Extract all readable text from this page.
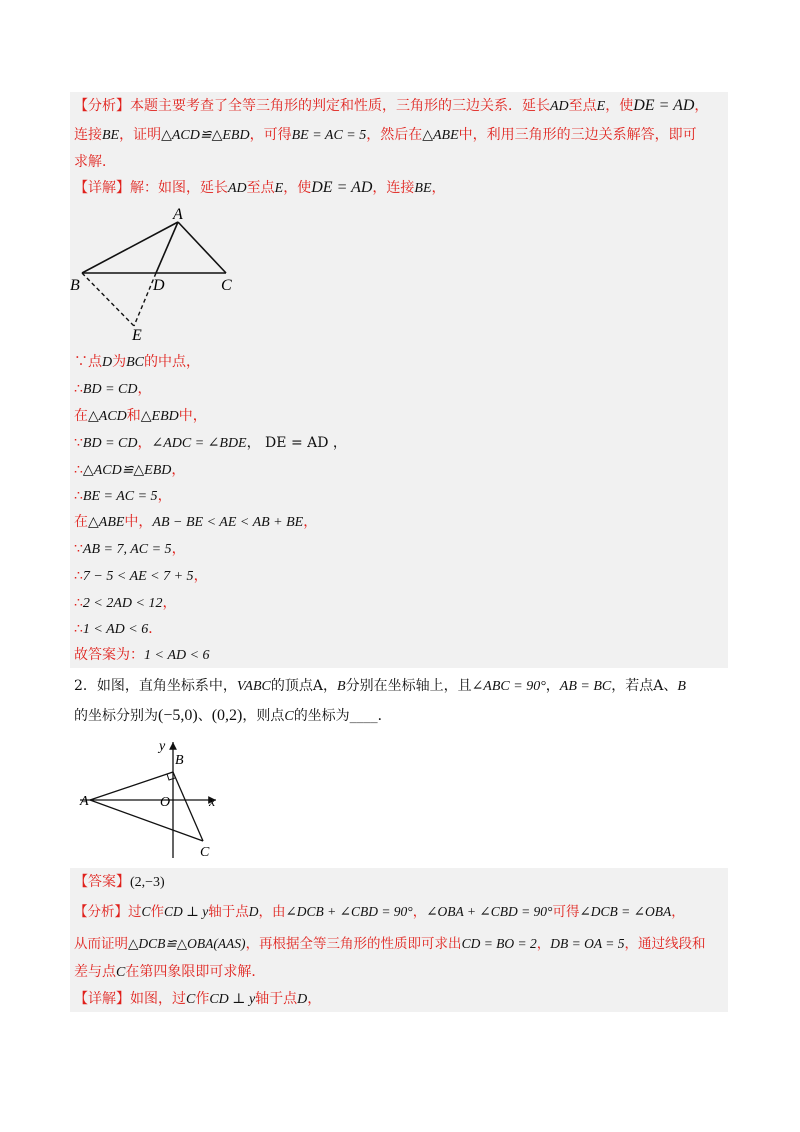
【分析】本题主要考查了全等三角形的判定和性质，三角形的三边关系．延长AD至点E，使DE = AD，
连接BE，证明△ACD≌△EBD，可得BE = AC = 5，然后在△ABE中，利用三角形的三边关系解答，即可
求解．
【详解】解：如图，延长AD至点E，使DE = AD，连接BE，
A
B	D	C
E
∵点D为BC的中点，
∴BD = CD，
在△ACD和△EBD中，
∵BD = CD，∠ADC = ∠BDE， DE = AD ，
∴△ACD≌△EBD，
∴BE = AC = 5，
在△ABE中，AB − BE < AE < AB + BE，
∵AB = 7, AC = 5，
∴7 − 5 < AE < 7 + 5，
∴2 < 2AD < 12，
∴1 < AD < 6．
故答案为：1 < AD < 6
2．如图，直角坐标系中，VABC的顶点A，B分别在坐标轴上，且∠ABC = 90°，AB = BC，若点A、B
的坐标分别为(−5,0)、(0,2)，则点C的坐标为____．
y
x
B
A	O
C
【答案】(2,−3)
【分析】过C作CD ⊥ y轴于点D，由∠DCB + ∠CBD = 90°，∠OBA + ∠CBD = 90°可得∠DCB = ∠OBA，
从而证明△DCB≌△OBA(AAS)，再根据全等三角形的性质即可求出CD = BO = 2，DB = OA = 5，通过线段和
差与点C在第四象限即可求解．
【详解】如图，过C作CD ⊥ y轴于点D，
